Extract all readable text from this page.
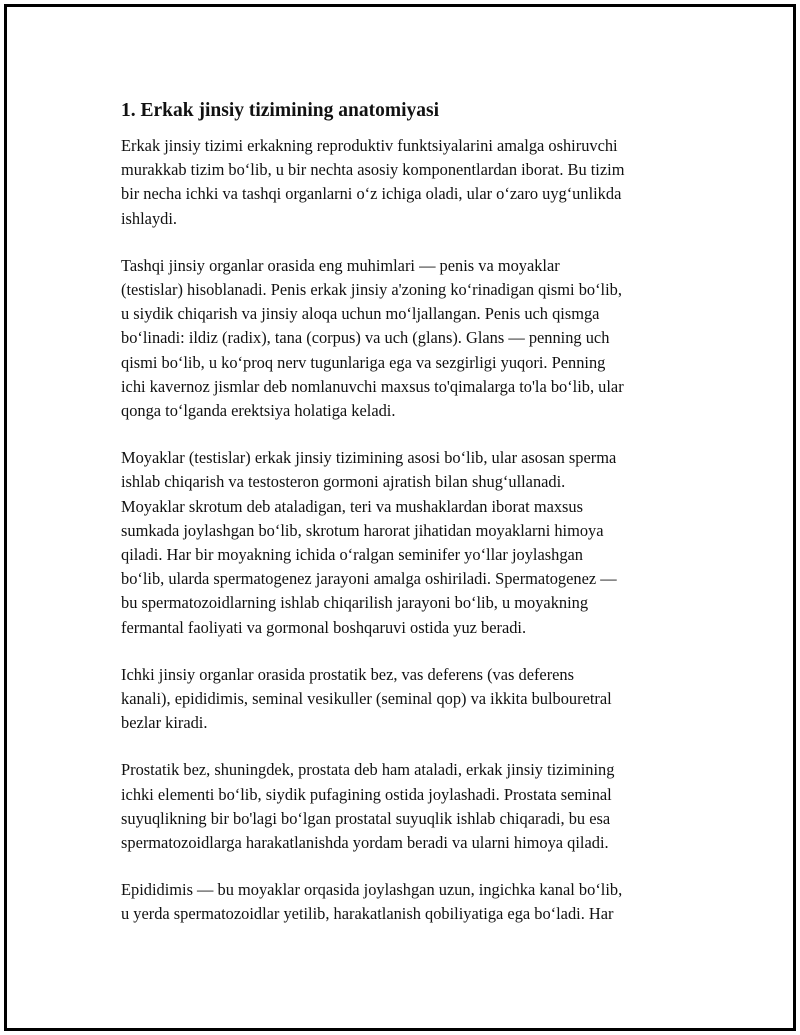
1. Erkak jinsiy tizimining anatomiyasi
Erkak jinsiy tizimi erkakning reproduktiv funktsiyalarini amalga oshiruvchi
murakkab tizim bo‘lib, u bir nechta asosiy komponentlardan iborat. Bu tizim
bir necha ichki va tashqi organlarni o‘z ichiga oladi, ular o‘zaro uyg‘unlikda
ishlaydi.
Tashqi jinsiy organlar orasida eng muhimlari — penis va moyaklar
(testislar) hisoblanadi. Penis erkak jinsiy a'zoning ko‘rinadigan qismi bo‘lib,
u siydik chiqarish va jinsiy aloqa uchun mo‘ljallangan. Penis uch qismga
bo‘linadi: ildiz (radix), tana (corpus) va uch (glans). Glans — penning uch
qismi bo‘lib, u ko‘proq nerv tugunlariga ega va sezgirligi yuqori. Penning
ichi kavernoz jismlar deb nomlanuvchi maxsus to'qimalarga to'la bo‘lib, ular
qonga to‘lganda erektsiya holatiga keladi.
Moyaklar (testislar) erkak jinsiy tizimining asosi bo‘lib, ular asosan sperma
ishlab chiqarish va testosteron gormoni ajratish bilan shug‘ullanadi.
Moyaklar skrotum deb ataladigan, teri va mushaklardan iborat maxsus
sumkada joylashgan bo‘lib, skrotum harorat jihatidan moyaklarni himoya
qiladi. Har bir moyakning ichida o‘ralgan seminifer yo‘llar joylashgan
bo‘lib, ularda spermatogenez jarayoni amalga oshiriladi. Spermatogenez —
bu spermatozoidlarning ishlab chiqarilish jarayoni bo‘lib, u moyakning
fermantal faoliyati va gormonal boshqaruvi ostida yuz beradi.
Ichki jinsiy organlar orasida prostatik bez, vas deferens (vas deferens
kanali), epididimis, seminal vesikuller (seminal qop) va ikkita bulbouretral
bezlar kiradi.
Prostatik bez, shuningdek, prostata deb ham ataladi, erkak jinsiy tizimining
ichki elementi bo‘lib, siydik pufagining ostida joylashadi. Prostata seminal
suyuqlikning bir bo'lagi bo‘lgan prostatal suyuqlik ishlab chiqaradi, bu esa
spermatozoidlarga harakatlanishda yordam beradi va ularni himoya qiladi.
Epididimis — bu moyaklar orqasida joylashgan uzun, ingichka kanal bo‘lib,
u yerda spermatozoidlar yetilib, harakatlanish qobiliyatiga ega bo‘ladi. Har
